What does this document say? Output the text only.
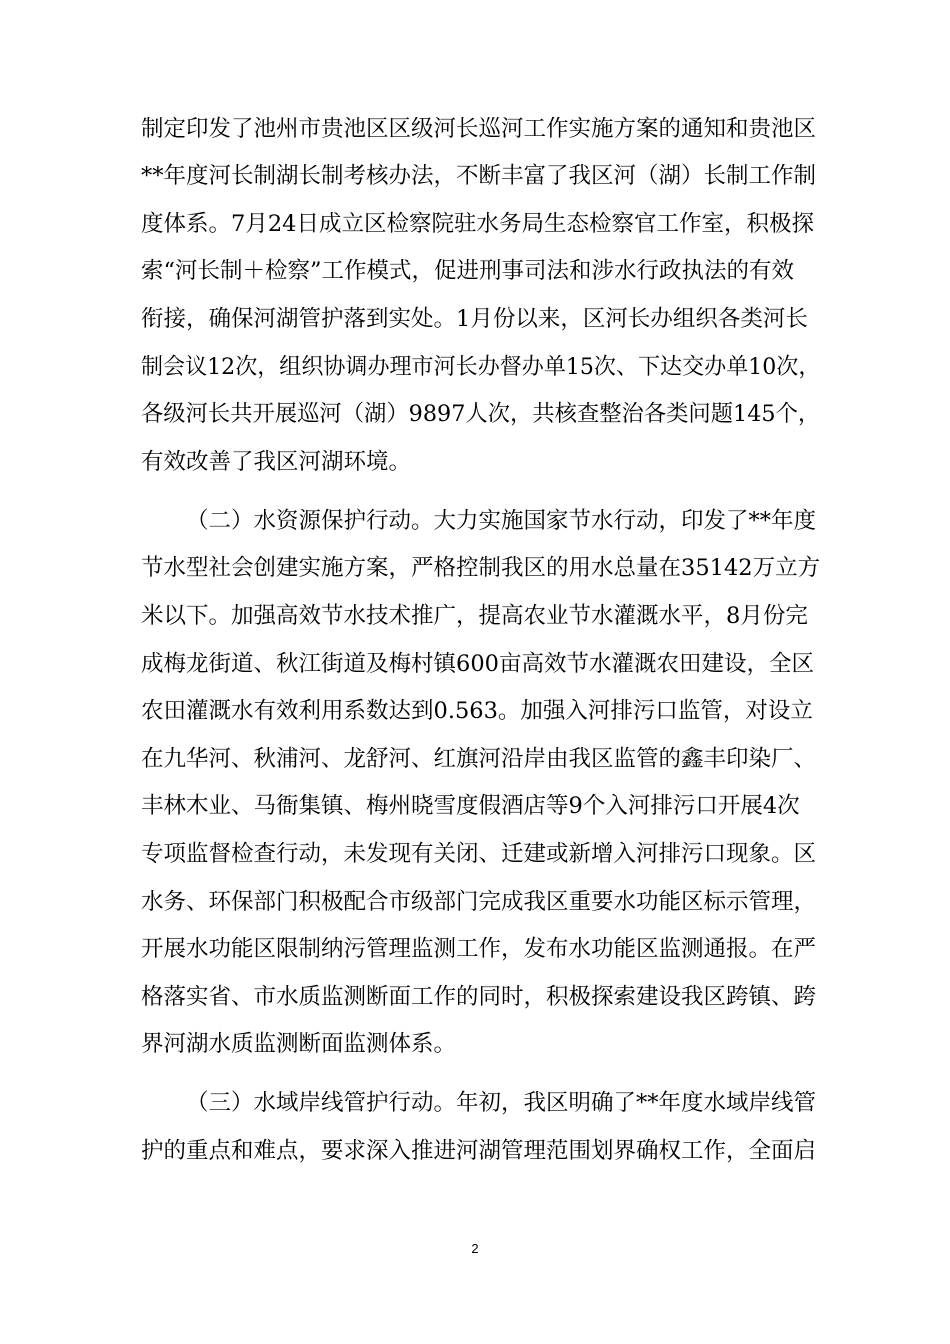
制定印发了池州市贵池区区级河长巡河工作实施方案的通知和贵池区
**年度河长制湖长制考核办法，不断丰富了我区河（湖）长制工作制
度体系。7月24日成立区检察院驻水务局生态检察官工作室，积极探
索“河长制＋检察”工作模式，促进刑事司法和涉水行政执法的有效
衔接，确保河湖管护落到实处。1月份以来，区河长办组织各类河长
制会议12次，组织协调办理市河长办督办单15次、下达交办单10次，
各级河长共开展巡河（湖）9897人次，共核查整治各类问题145个，
有效改善了我区河湖环境。
（二）水资源保护行动。大力实施国家节水行动，印发了**年度
节水型社会创建实施方案，严格控制我区的用水总量在35142万立方
米以下。加强高效节水技术推广，提高农业节水灌溉水平，8月份完
成梅龙街道、秋江街道及梅村镇600亩高效节水灌溉农田建设，全区
农田灌溉水有效利用系数达到0.563。加强入河排污口监管，对设立
在九华河、秋浦河、龙舒河、红旗河沿岸由我区监管的鑫丰印染厂、
丰林木业、马衙集镇、梅州晓雪度假酒店等9个入河排污口开展4次
专项监督检查行动，未发现有关闭、迁建或新增入河排污口现象。区
水务、环保部门积极配合市级部门完成我区重要水功能区标示管理，
开展水功能区限制纳污管理监测工作，发布水功能区监测通报。在严
格落实省、市水质监测断面工作的同时，积极探索建设我区跨镇、跨
界河湖水质监测断面监测体系。
（三）水域岸线管护行动。年初，我区明确了**年度水域岸线管
护的重点和难点，要求深入推进河湖管理范围划界确权工作，全面启
2
